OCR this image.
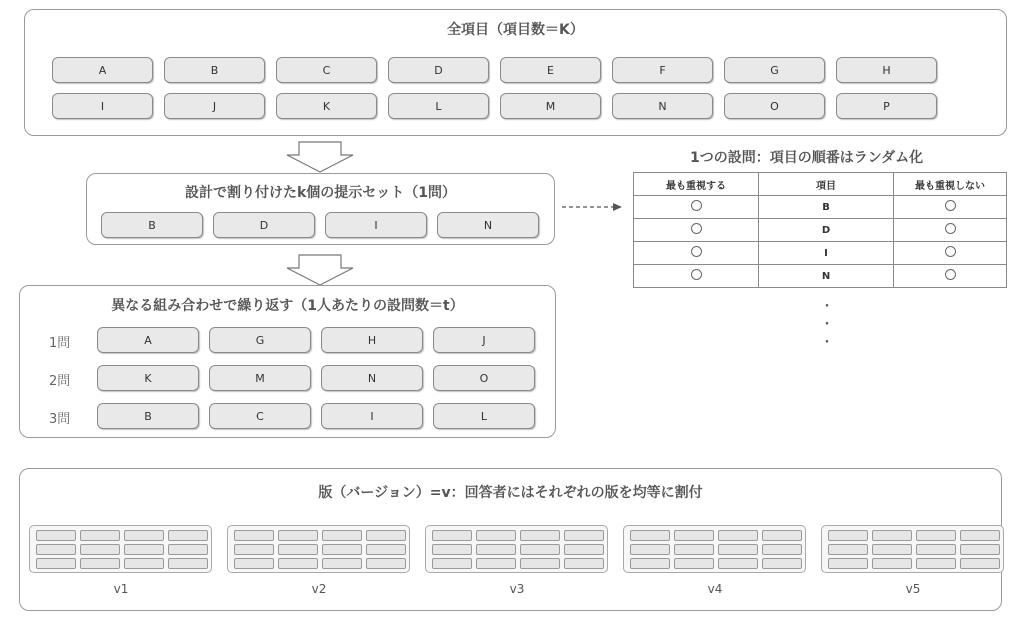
全項目（項目数＝K）
A	B	C	D	E	F	G	H
I	J	K	L	M	N	O	P
設計で割り付けたk個の提示セット（1問）
B	D	I	N
異なる組み合わせで繰り返す（1人あたりの設問数＝t）
1問	A	G	H	J
2問	K	M	N	O
3問	B	C	I	L
1つの設問：項目の順番はランダム化
最も重視する	項目	最も重視しない
	B	
	D	
	I	
	N	
・
・
・
版（バージョン）=v：回答者にはそれぞれの版を均等に割付
v1	v2	v3	v4	v5
